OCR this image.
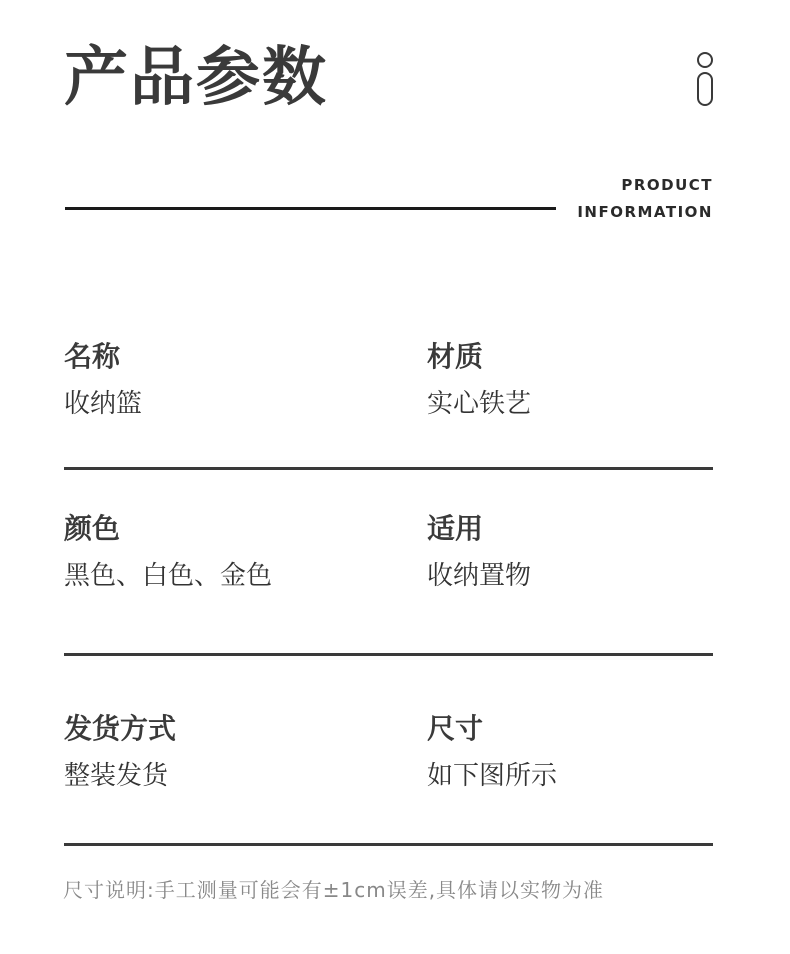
产品参数
PRODUCT
INFORMATION
名称
收纳篮
材质
实心铁艺
颜色
黑色、白色、金色
适用
收纳置物
发货方式
整装发货
尺寸
如下图所示
尺寸说明:手工测量可能会有±1cm误差,具体请以实物为准
